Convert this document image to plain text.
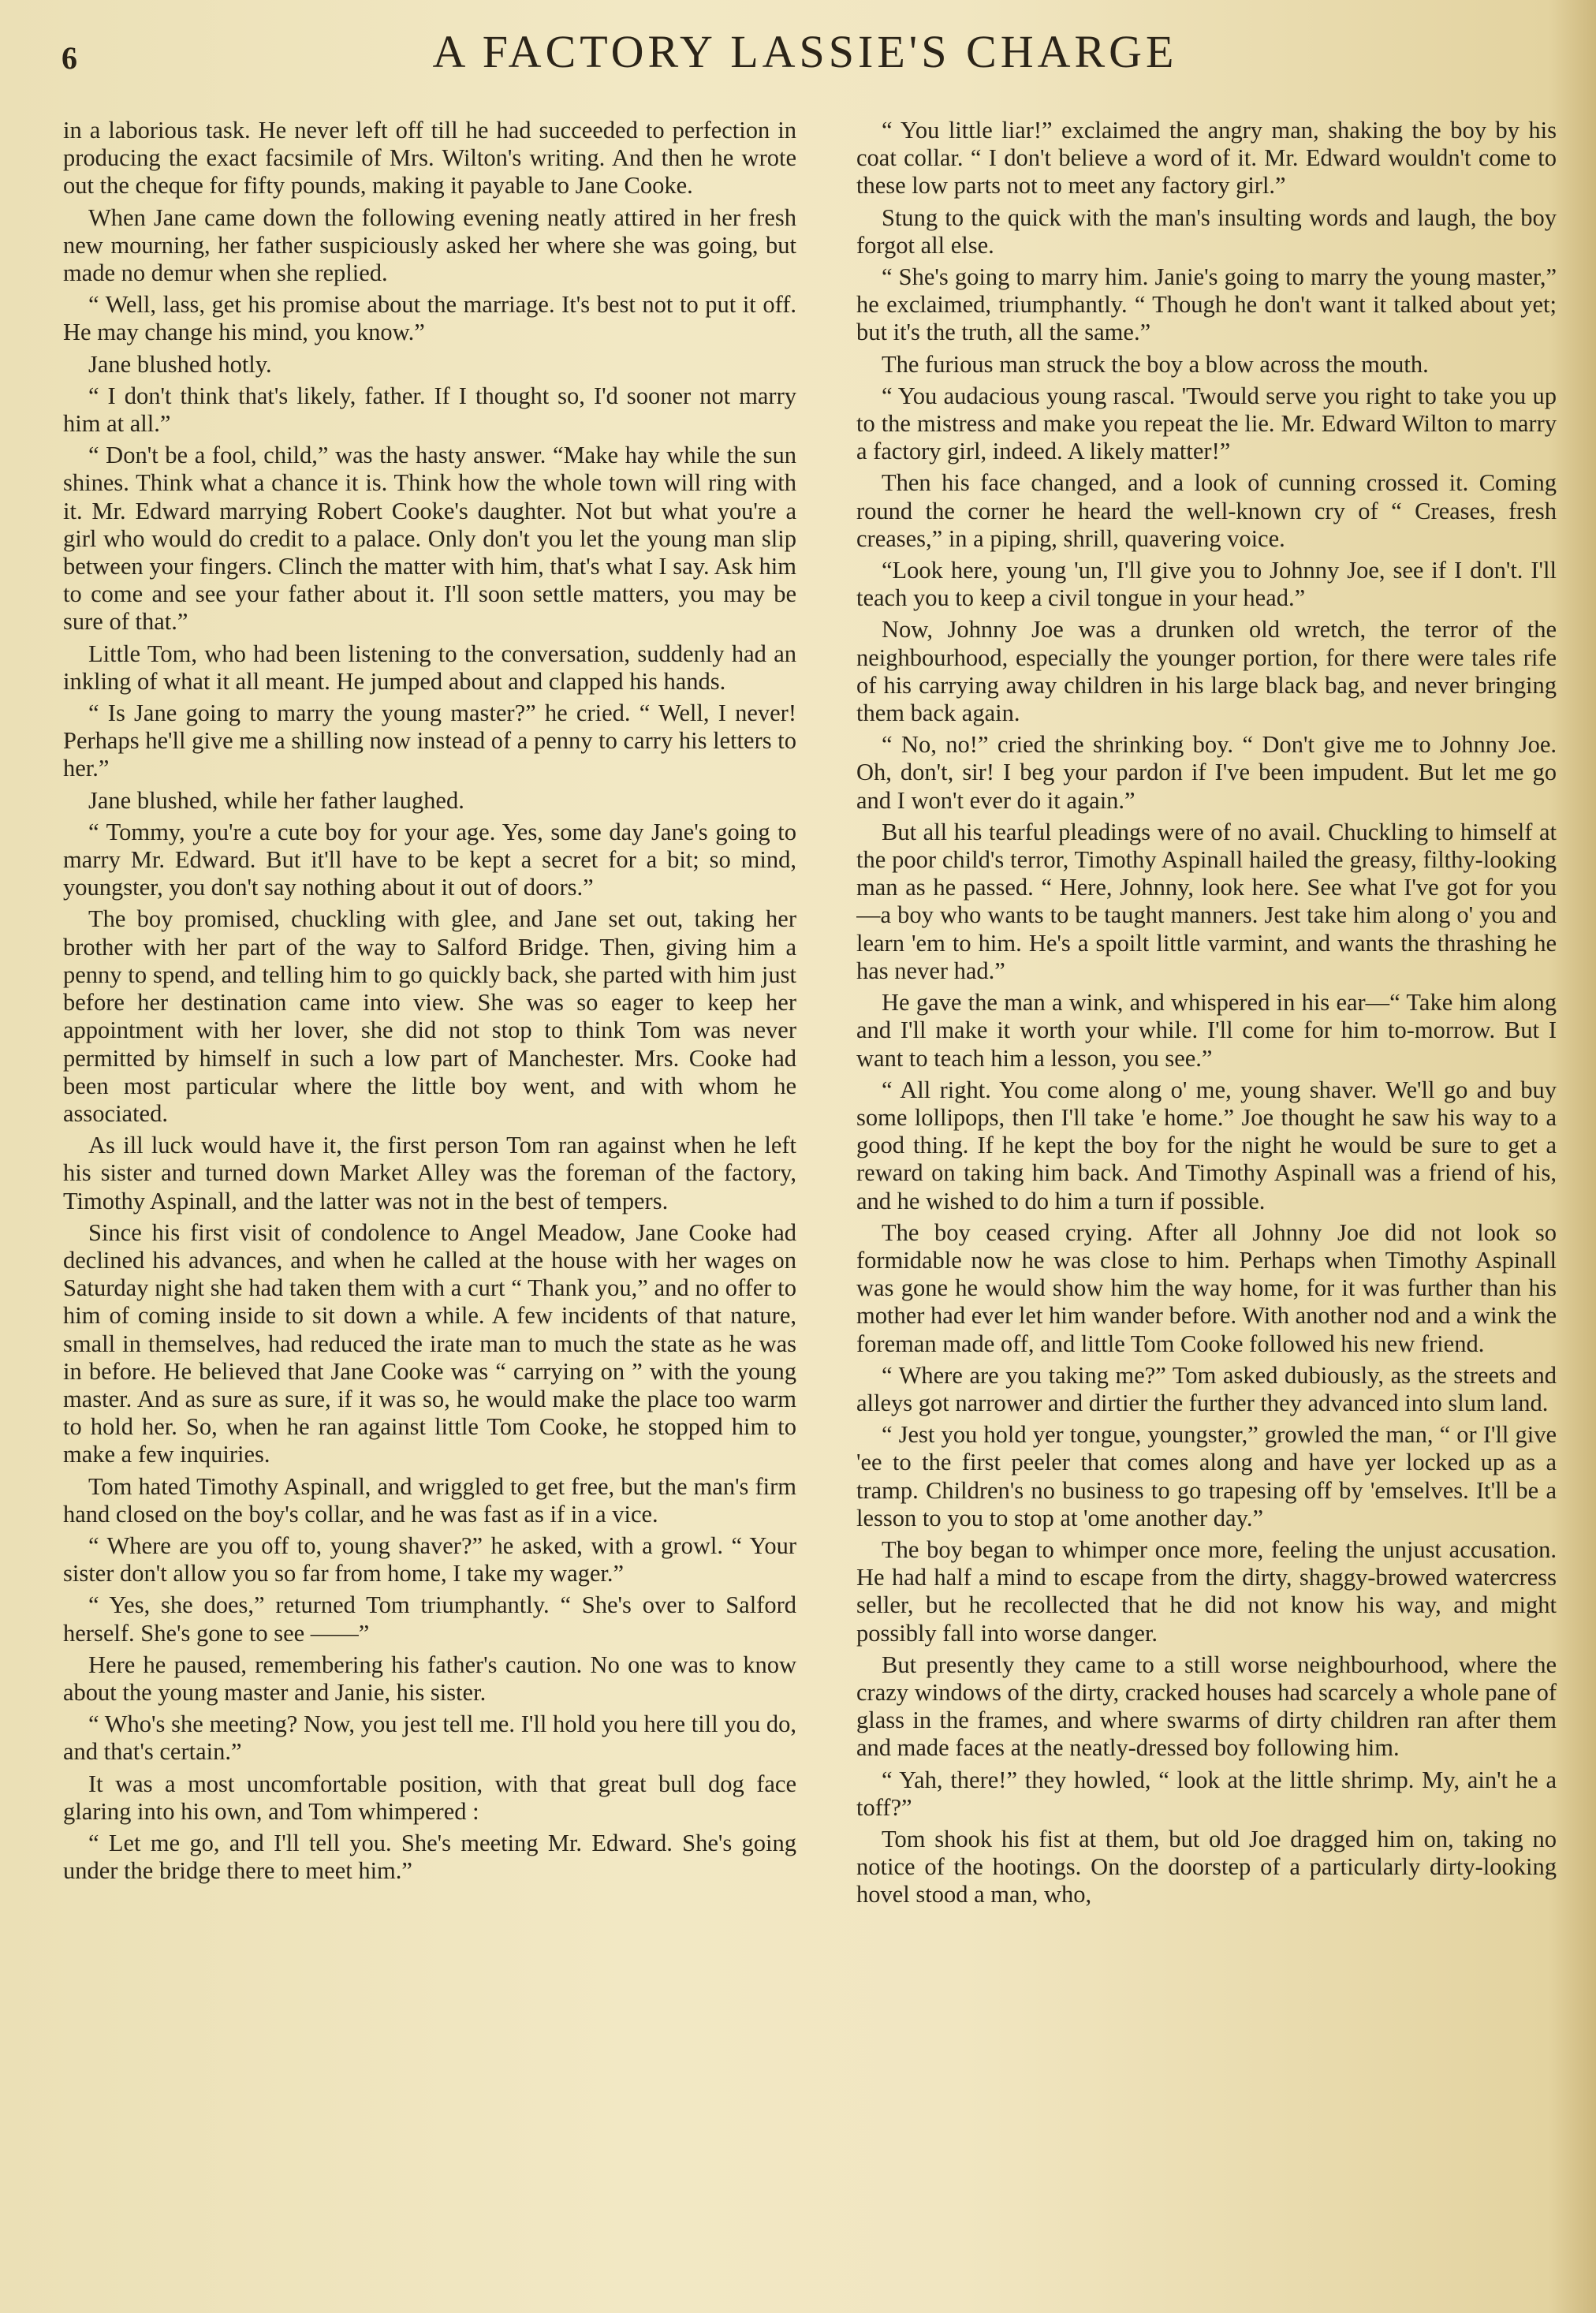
6	A FACTORY LASSIE'S CHARGE

in a laborious task. He never left off till he had succeeded to perfection in producing the exact facsimile of Mrs. Wilton's writing. And then he wrote out the cheque for fifty pounds, making it payable to Jane Cooke.

When Jane came down the following evening neatly attired in her fresh new mourning, her father suspiciously asked her where she was going, but made no demur when she replied.

“ Well, lass, get his promise about the marriage. It's best not to put it off. He may change his mind, you know.”

Jane blushed hotly.

“ I don't think that's likely, father. If I thought so, I'd sooner not marry him at all.”

“ Don't be a fool, child,” was the hasty answer. “Make hay while the sun shines. Think what a chance it is. Think how the whole town will ring with it. Mr. Edward marrying Robert Cooke's daughter. Not but what you're a girl who would do credit to a palace. Only don't you let the young man slip between your fingers. Clinch the matter with him, that's what I say. Ask him to come and see your father about it. I'll soon settle matters, you may be sure of that.”

Little Tom, who had been listening to the conversation, suddenly had an inkling of what it all meant. He jumped about and clapped his hands.

“ Is Jane going to marry the young master?” he cried. “ Well, I never! Perhaps he'll give me a shilling now instead of a penny to carry his letters to her.”

Jane blushed, while her father laughed.

“ Tommy, you're a cute boy for your age. Yes, some day Jane's going to marry Mr. Edward. But it'll have to be kept a secret for a bit; so mind, youngster, you don't say nothing about it out of doors.”

The boy promised, chuckling with glee, and Jane set out, taking her brother with her part of the way to Salford Bridge. Then, giving him a penny to spend, and telling him to go quickly back, she parted with him just before her destination came into view. She was so eager to keep her appointment with her lover, she did not stop to think Tom was never permitted by himself in such a low part of Manchester. Mrs. Cooke had been most particular where the little boy went, and with whom he associated.

As ill luck would have it, the first person Tom ran against when he left his sister and turned down Market Alley was the foreman of the factory, Timothy Aspinall, and the latter was not in the best of tempers.

Since his first visit of condolence to Angel Meadow, Jane Cooke had declined his advances, and when he called at the house with her wages on Saturday night she had taken them with a curt “ Thank you,” and no offer to him of coming inside to sit down a while. A few incidents of that nature, small in themselves, had reduced the irate man to much the state as he was in before. He believed that Jane Cooke was “ carrying on ” with the young master. And as sure as sure, if it was so, he would make the place too warm to hold her. So, when he ran against little Tom Cooke, he stopped him to make a few inquiries.

Tom hated Timothy Aspinall, and wriggled to get free, but the man's firm hand closed on the boy's collar, and he was fast as if in a vice.

“ Where are you off to, young shaver?” he asked, with a growl. “ Your sister don't allow you so far from home, I take my wager.”

“ Yes, she does,” returned Tom triumphantly. “ She's over to Salford herself. She's gone to see ——”

Here he paused, remembering his father's caution. No one was to know about the young master and Janie, his sister.

“ Who's she meeting? Now, you jest tell me. I'll hold you here till you do, and that's certain.”

It was a most uncomfortable position, with that great bull dog face glaring into his own, and Tom whimpered :

“ Let me go, and I'll tell you. She's meeting Mr. Edward. She's going under the bridge there to meet him.”

“ You little liar!” exclaimed the angry man, shaking the boy by his coat collar. “ I don't believe a word of it. Mr. Edward wouldn't come to these low parts not to meet any factory girl.”

Stung to the quick with the man's insulting words and laugh, the boy forgot all else.

“ She's going to marry him. Janie's going to marry the young master,” he exclaimed, triumphantly. “ Though he don't want it talked about yet; but it's the truth, all the same.”

The furious man struck the boy a blow across the mouth.

“ You audacious young rascal. 'Twould serve you right to take you up to the mistress and make you repeat the lie. Mr. Edward Wilton to marry a factory girl, indeed. A likely matter!”

Then his face changed, and a look of cunning crossed it. Coming round the corner he heard the well-known cry of “ Creases, fresh creases,” in a piping, shrill, quavering voice.

“Look here, young 'un, I'll give you to Johnny Joe, see if I don't. I'll teach you to keep a civil tongue in your head.”

Now, Johnny Joe was a drunken old wretch, the terror of the neighbourhood, especially the younger portion, for there were tales rife of his carrying away children in his large black bag, and never bringing them back again.

“ No, no!” cried the shrinking boy. “ Don't give me to Johnny Joe. Oh, don't, sir! I beg your pardon if I've been impudent. But let me go and I won't ever do it again.”

But all his tearful pleadings were of no avail. Chuckling to himself at the poor child's terror, Timothy Aspinall hailed the greasy, filthy-looking man as he passed. “ Here, Johnny, look here. See what I've got for you—a boy who wants to be taught manners. Jest take him along o' you and learn 'em to him. He's a spoilt little varmint, and wants the thrashing he has never had.”

He gave the man a wink, and whispered in his ear—“ Take him along and I'll make it worth your while. I'll come for him to-morrow. But I want to teach him a lesson, you see.”

“ All right. You come along o' me, young shaver. We'll go and buy some lollipops, then I'll take 'e home.” Joe thought he saw his way to a good thing. If he kept the boy for the night he would be sure to get a reward on taking him back. And Timothy Aspinall was a friend of his, and he wished to do him a turn if possible.

The boy ceased crying. After all Johnny Joe did not look so formidable now he was close to him. Perhaps when Timothy Aspinall was gone he would show him the way home, for it was further than his mother had ever let him wander before. With another nod and a wink the foreman made off, and little Tom Cooke followed his new friend.

“ Where are you taking me?” Tom asked dubiously, as the streets and alleys got narrower and dirtier the further they advanced into slum land.

“ Jest you hold yer tongue, youngster,” growled the man, “ or I'll give 'ee to the first peeler that comes along and have yer locked up as a tramp. Children's no business to go trapesing off by 'emselves. It'll be a lesson to you to stop at 'ome another day.”

The boy began to whimper once more, feeling the unjust accusation. He had half a mind to escape from the dirty, shaggy-browed watercress seller, but he recollected that he did not know his way, and might possibly fall into worse danger.

But presently they came to a still worse neighbourhood, where the crazy windows of the dirty, cracked houses had scarcely a whole pane of glass in the frames, and where swarms of dirty children ran after them and made faces at the neatly-dressed boy following him.

“ Yah, there!” they howled, “ look at the little shrimp. My, ain't he a toff?”

Tom shook his fist at them, but old Joe dragged him on, taking no notice of the hootings. On the doorstep of a particularly dirty-looking hovel stood a man, who,
